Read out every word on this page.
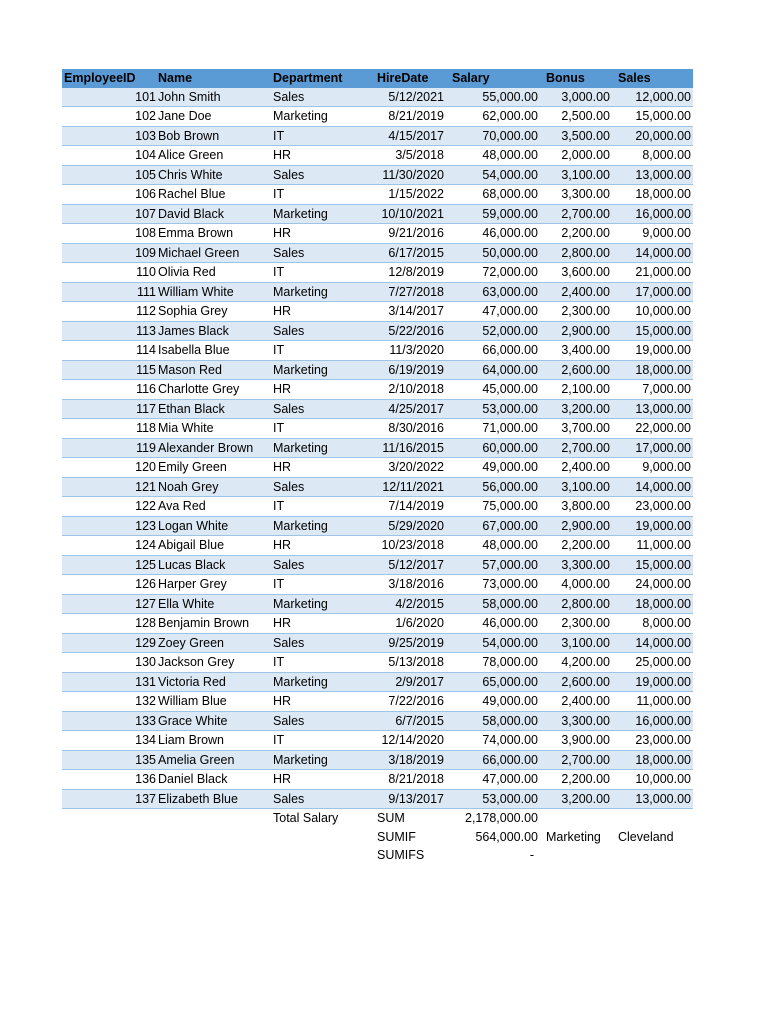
EmployeeID	Name	Department	HireDate	Salary	Bonus	Sales
101	John Smith	Sales	5/12/2021	55,000.00	3,000.00	12,000.00
102	Jane Doe	Marketing	8/21/2019	62,000.00	2,500.00	15,000.00
103	Bob Brown	IT	4/15/2017	70,000.00	3,500.00	20,000.00
104	Alice Green	HR	3/5/2018	48,000.00	2,000.00	8,000.00
105	Chris White	Sales	11/30/2020	54,000.00	3,100.00	13,000.00
106	Rachel Blue	IT	1/15/2022	68,000.00	3,300.00	18,000.00
107	David Black	Marketing	10/10/2021	59,000.00	2,700.00	16,000.00
108	Emma Brown	HR	9/21/2016	46,000.00	2,200.00	9,000.00
109	Michael Green	Sales	6/17/2015	50,000.00	2,800.00	14,000.00
110	Olivia Red	IT	12/8/2019	72,000.00	3,600.00	21,000.00
111	William White	Marketing	7/27/2018	63,000.00	2,400.00	17,000.00
112	Sophia Grey	HR	3/14/2017	47,000.00	2,300.00	10,000.00
113	James Black	Sales	5/22/2016	52,000.00	2,900.00	15,000.00
114	Isabella Blue	IT	11/3/2020	66,000.00	3,400.00	19,000.00
115	Mason Red	Marketing	6/19/2019	64,000.00	2,600.00	18,000.00
116	Charlotte Grey	HR	2/10/2018	45,000.00	2,100.00	7,000.00
117	Ethan Black	Sales	4/25/2017	53,000.00	3,200.00	13,000.00
118	Mia White	IT	8/30/2016	71,000.00	3,700.00	22,000.00
119	Alexander Brown	Marketing	11/16/2015	60,000.00	2,700.00	17,000.00
120	Emily Green	HR	3/20/2022	49,000.00	2,400.00	9,000.00
121	Noah Grey	Sales	12/11/2021	56,000.00	3,100.00	14,000.00
122	Ava Red	IT	7/14/2019	75,000.00	3,800.00	23,000.00
123	Logan White	Marketing	5/29/2020	67,000.00	2,900.00	19,000.00
124	Abigail Blue	HR	10/23/2018	48,000.00	2,200.00	11,000.00
125	Lucas Black	Sales	5/12/2017	57,000.00	3,300.00	15,000.00
126	Harper Grey	IT	3/18/2016	73,000.00	4,000.00	24,000.00
127	Ella White	Marketing	4/2/2015	58,000.00	2,800.00	18,000.00
128	Benjamin Brown	HR	1/6/2020	46,000.00	2,300.00	8,000.00
129	Zoey Green	Sales	9/25/2019	54,000.00	3,100.00	14,000.00
130	Jackson Grey	IT	5/13/2018	78,000.00	4,200.00	25,000.00
131	Victoria Red	Marketing	2/9/2017	65,000.00	2,600.00	19,000.00
132	William Blue	HR	7/22/2016	49,000.00	2,400.00	11,000.00
133	Grace White	Sales	6/7/2015	58,000.00	3,300.00	16,000.00
134	Liam Brown	IT	12/14/2020	74,000.00	3,900.00	23,000.00
135	Amelia Green	Marketing	3/18/2019	66,000.00	2,700.00	18,000.00
136	Daniel Black	HR	8/21/2018	47,000.00	2,200.00	10,000.00
137	Elizabeth Blue	Sales	9/13/2017	53,000.00	3,200.00	13,000.00
		Total Salary	SUM	2,178,000.00		
			SUMIF	564,000.00	Marketing	Cleveland
			SUMIFS	-		
